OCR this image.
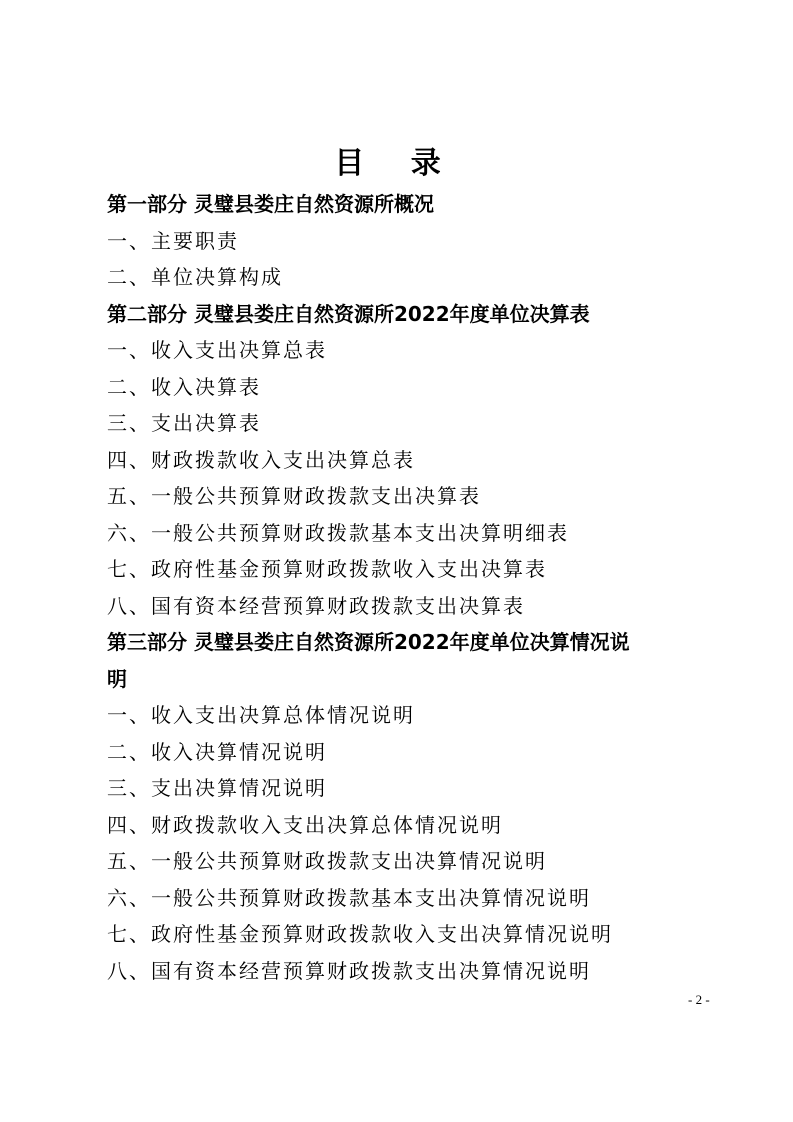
目 录
第一部分 灵璧县娄庄自然资源所概况
一、主要职责
二、单位决算构成
第二部分 灵璧县娄庄自然资源所2022年度单位决算表
一、收入支出决算总表
二、收入决算表
三、支出决算表
四、财政拨款收入支出决算总表
五、一般公共预算财政拨款支出决算表
六、一般公共预算财政拨款基本支出决算明细表
七、政府性基金预算财政拨款收入支出决算表
八、国有资本经营预算财政拨款支出决算表
第三部分 灵璧县娄庄自然资源所2022年度单位决算情况说
明
一、收入支出决算总体情况说明
二、收入决算情况说明
三、支出决算情况说明
四、财政拨款收入支出决算总体情况说明
五、一般公共预算财政拨款支出决算情况说明
六、一般公共预算财政拨款基本支出决算情况说明
七、政府性基金预算财政拨款收入支出决算情况说明
八、国有资本经营预算财政拨款支出决算情况说明
- 2 -
